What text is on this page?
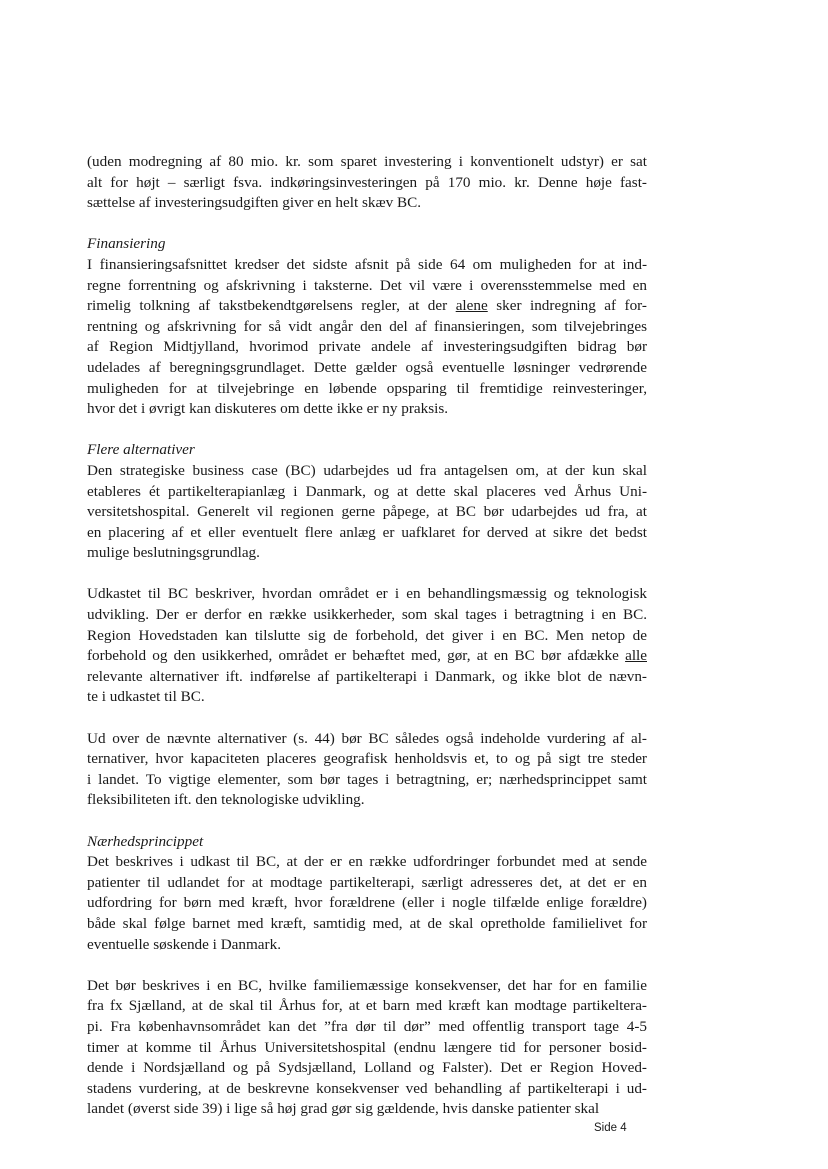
(uden modregning af 80 mio. kr. som sparet investering i konventionelt udstyr) er sat
alt for højt – særligt fsva. indkøringsinvesteringen på 170 mio. kr. Denne høje fast-
sættelse af investeringsudgiften giver en helt skæv BC.
Finansiering
I finansieringsafsnittet kredser det sidste afsnit på side 64 om muligheden for at ind-
regne forrentning og afskrivning i taksterne. Det vil være i overensstemmelse med en
rimelig tolkning af takstbekendtgørelsens regler, at der alene sker indregning af for-
rentning og afskrivning for så vidt angår den del af finansieringen, som tilvejebringes
af Region Midtjylland, hvorimod private andele af investeringsudgiften bidrag bør
udelades af beregningsgrundlaget. Dette gælder også eventuelle løsninger vedrørende
muligheden for at tilvejebringe en løbende opsparing til fremtidige reinvesteringer,
hvor det i øvrigt kan diskuteres om dette ikke er ny praksis.
Flere alternativer
Den strategiske business case (BC) udarbejdes ud fra antagelsen om, at der kun skal
etableres ét partikelterapianlæg i Danmark, og at dette skal placeres ved Århus Uni-
versitetshospital. Generelt vil regionen gerne påpege, at BC bør udarbejdes ud fra, at
en placering af et eller eventuelt flere anlæg er uafklaret for derved at sikre det bedst
mulige beslutningsgrundlag.
Udkastet til BC beskriver, hvordan området er i en behandlingsmæssig og teknologisk
udvikling. Der er derfor en række usikkerheder, som skal tages i betragtning i en BC.
Region Hovedstaden kan tilslutte sig de forbehold, det giver i en BC. Men netop de
forbehold og den usikkerhed, området er behæftet med, gør, at en BC bør afdække alle
relevante alternativer ift. indførelse af partikelterapi i Danmark, og ikke blot de nævn-
te i udkastet til BC.
Ud over de nævnte alternativer (s. 44) bør BC således også indeholde vurdering af al-
ternativer, hvor kapaciteten placeres geografisk henholdsvis et, to og på sigt tre steder
i landet. To vigtige elementer, som bør tages i betragtning, er; nærhedsprincippet samt
fleksibiliteten ift. den teknologiske udvikling.
Nærhedsprincippet
Det beskrives i udkast til BC, at der er en række udfordringer forbundet med at sende
patienter til udlandet for at modtage partikelterapi, særligt adresseres det, at det er en
udfordring for børn med kræft, hvor forældrene (eller i nogle tilfælde enlige forældre)
både skal følge barnet med kræft, samtidig med, at de skal opretholde familielivet for
eventuelle søskende i Danmark.
Det bør beskrives i en BC, hvilke familiemæssige konsekvenser, det har for en familie
fra fx Sjælland, at de skal til Århus for, at et barn med kræft kan modtage partikeltera-
pi. Fra københavnsområdet kan det ”fra dør til dør” med offentlig transport tage 4-5
timer at komme til Århus Universitetshospital (endnu længere tid for personer bosid-
dende i Nordsjælland og på Sydsjælland, Lolland og Falster). Det er Region Hoved-
stadens vurdering, at de beskrevne konsekvenser ved behandling af partikelterapi i ud-
landet (øverst side 39) i lige så høj grad gør sig gældende, hvis danske patienter skal
Side 4
